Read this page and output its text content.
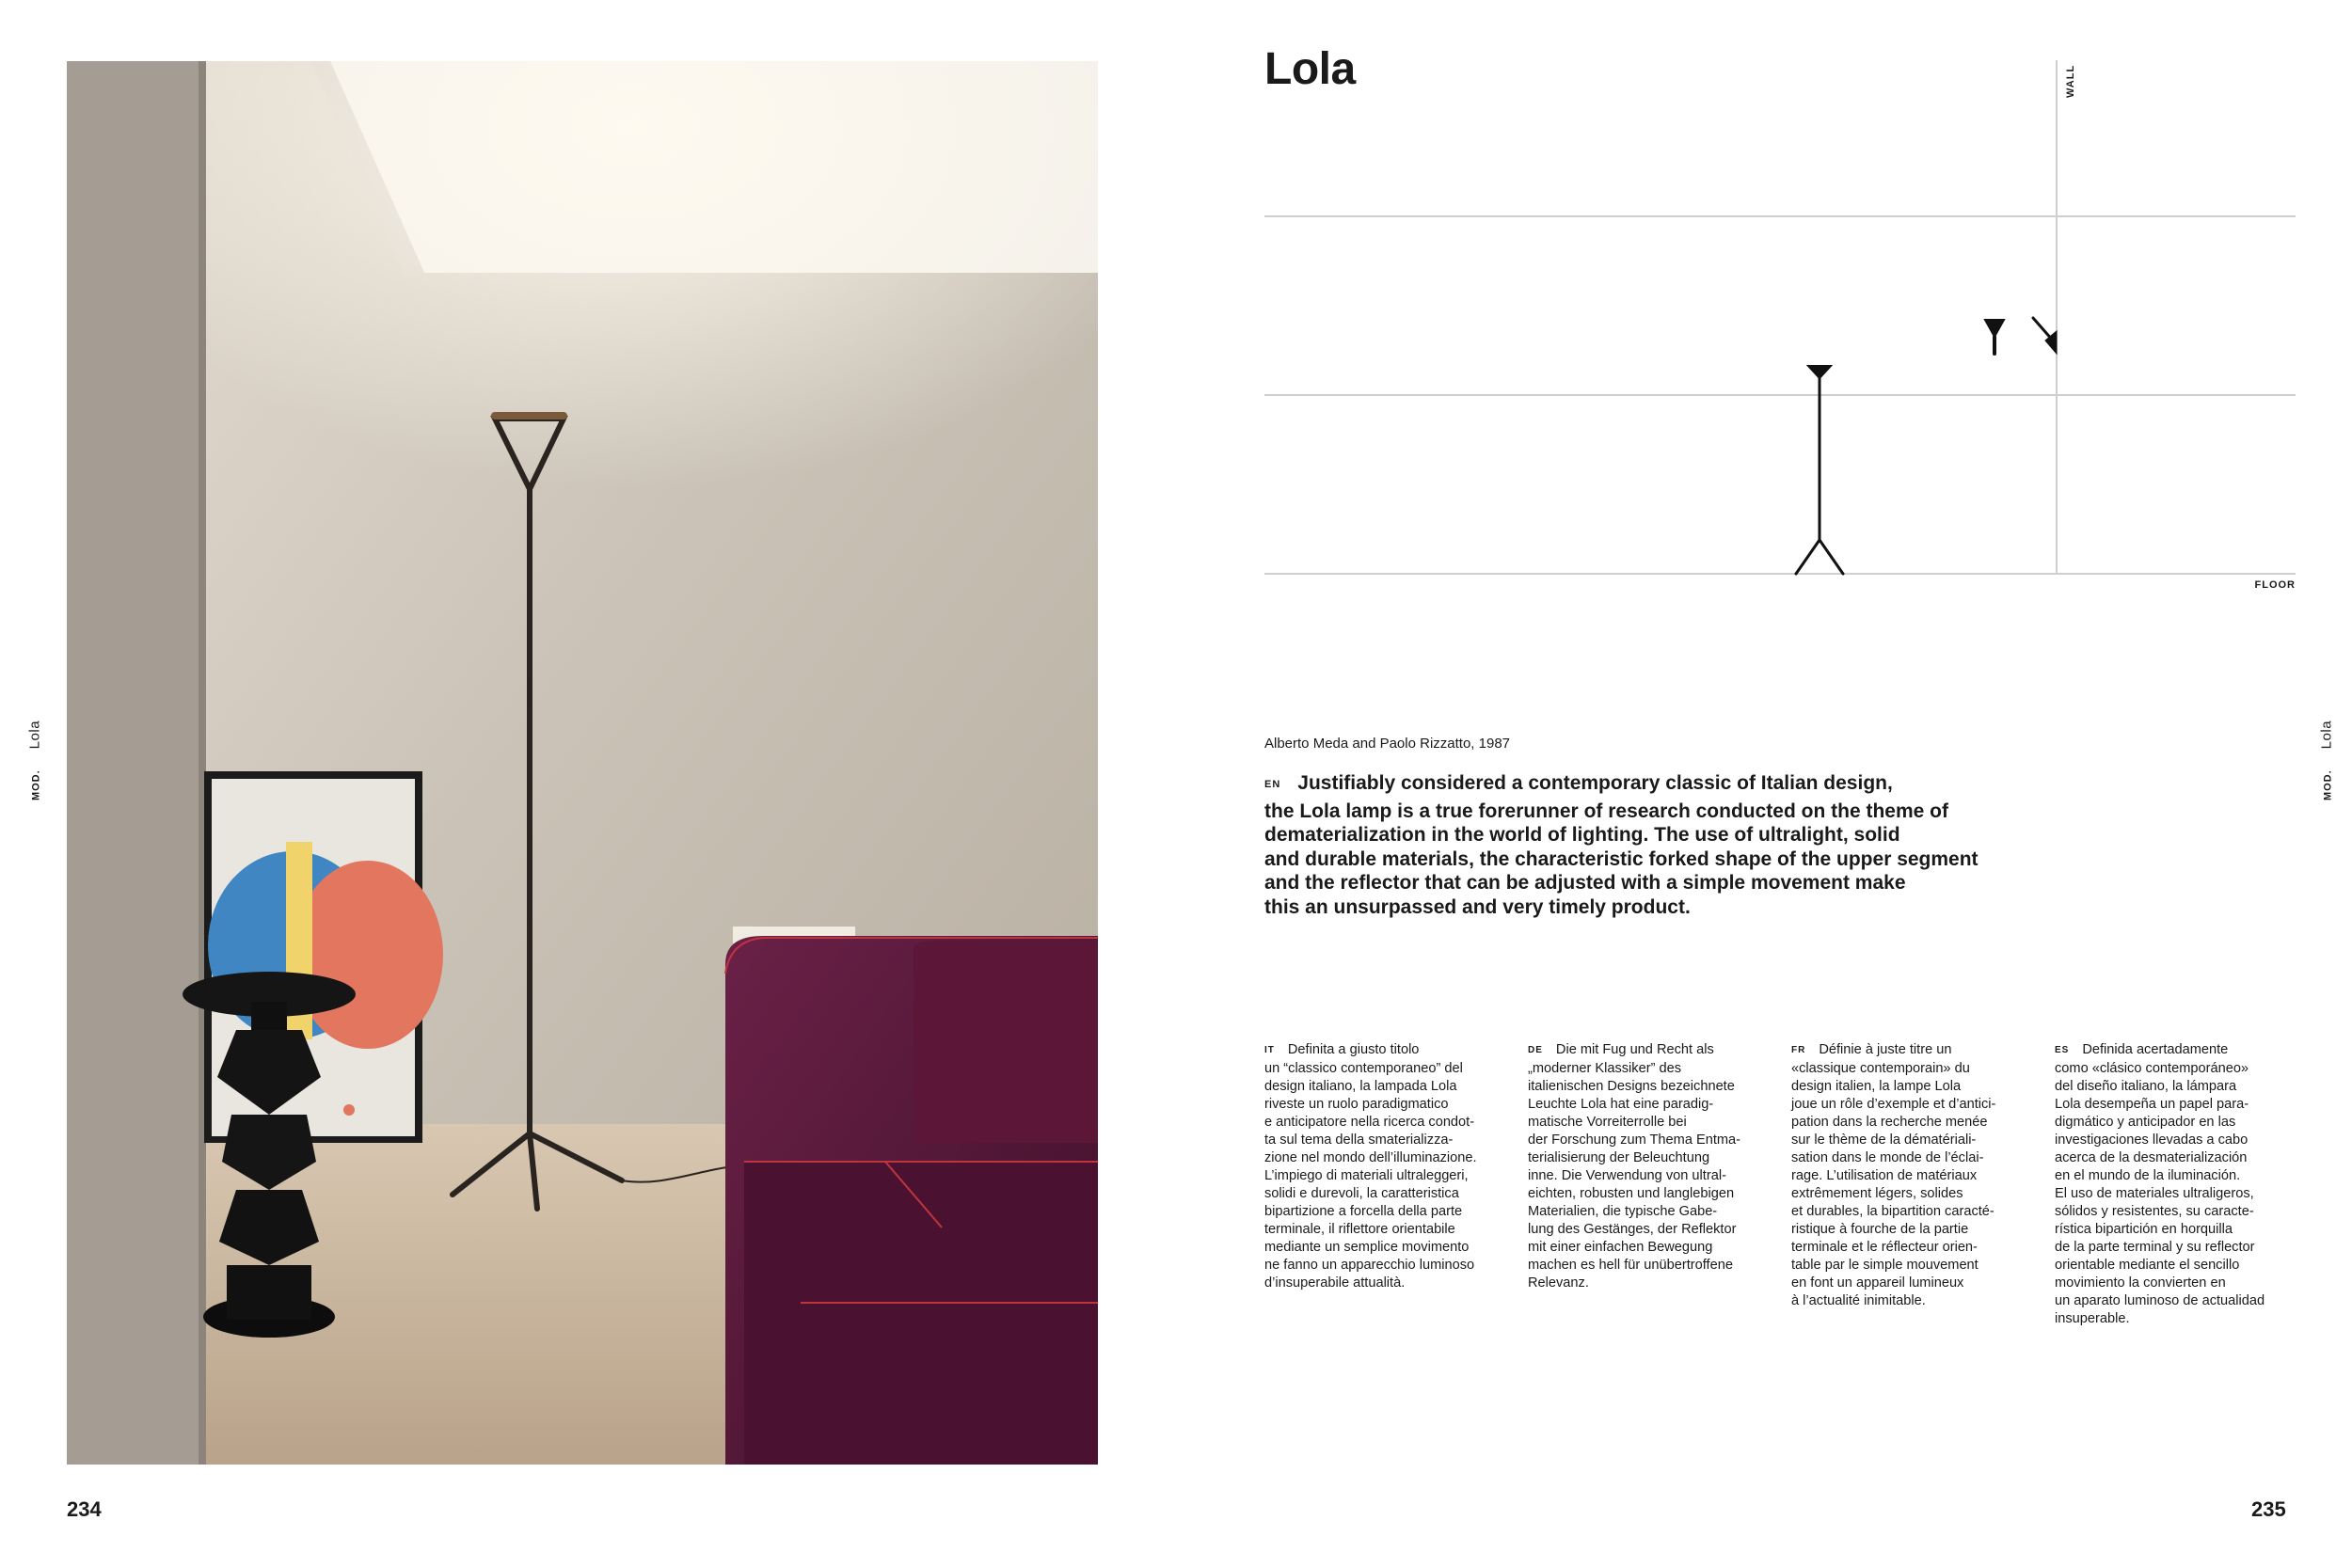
MOD.Lola
MOD.Lola
234	235
Lola	WALL
FLOOR
Alberto Meda and Paolo Rizzatto, 1987
EN Justifiably considered a contemporary classic of Italian design,
the Lola lamp is a true forerunner of research conducted on the theme of
dematerialization in the world of lighting. The use of ultralight, solid
and durable materials, the characteristic forked shape of the upper segment
and the reflector that can be adjusted with a simple movement make
this an unsurpassed and very timely product.
IT Definita a giusto titolo
un “classico contemporaneo” del
design italiano, la lampada Lola
riveste un ruolo paradigmatico
e anticipatore nella ricerca condot-
ta sul tema della smaterializza-
zione nel mondo dell’illuminazione.
L’impiego di materiali ultraleggeri,
solidi e durevoli, la caratteristica
bipartizione a forcella della parte
terminale, il riflettore orientabile
mediante un semplice movimento
ne fanno un apparecchio luminoso
d’insuperabile attualità.
DE Die mit Fug und Recht als
„moderner Klassiker” des
italienischen Designs bezeichnete
Leuchte Lola hat eine paradig-
matische Vorreiterrolle bei
der Forschung zum Thema Entma-
terialisierung der Beleuchtung
inne. Die Verwendung von ultral-
eichten, robusten und langlebigen
Materialien, die typische Gabe-
lung des Gestänges, der Reflektor
mit einer einfachen Bewegung
machen es hell für unübertroffene
Relevanz.
FR Définie à juste titre un
«classique contemporain» du
design italien, la lampe Lola
joue un rôle d’exemple et d’antici-
pation dans la recherche menée
sur le thème de la dématériali-
sation dans le monde de l’éclai-
rage. L’utilisation de matériaux
extrêmement légers, solides
et durables, la bipartition caracté-
ristique à fourche de la partie
terminale et le réflecteur orien-
table par le simple mouvement
en font un appareil lumineux
à l’actualité inimitable.
ES Definida acertadamente
como «clásico contemporáneo»
del diseño italiano, la lámpara
Lola desempeña un papel para-
digmático y anticipador en las
investigaciones llevadas a cabo
acerca de la desmaterialización
en el mundo de la iluminación.
El uso de materiales ultraligeros,
sólidos y resistentes, su caracte-
rística bipartición en horquilla
de la parte terminal y su reflector
orientable mediante el sencillo
movimiento la convierten en
un aparato luminoso de actualidad
insuperable.
